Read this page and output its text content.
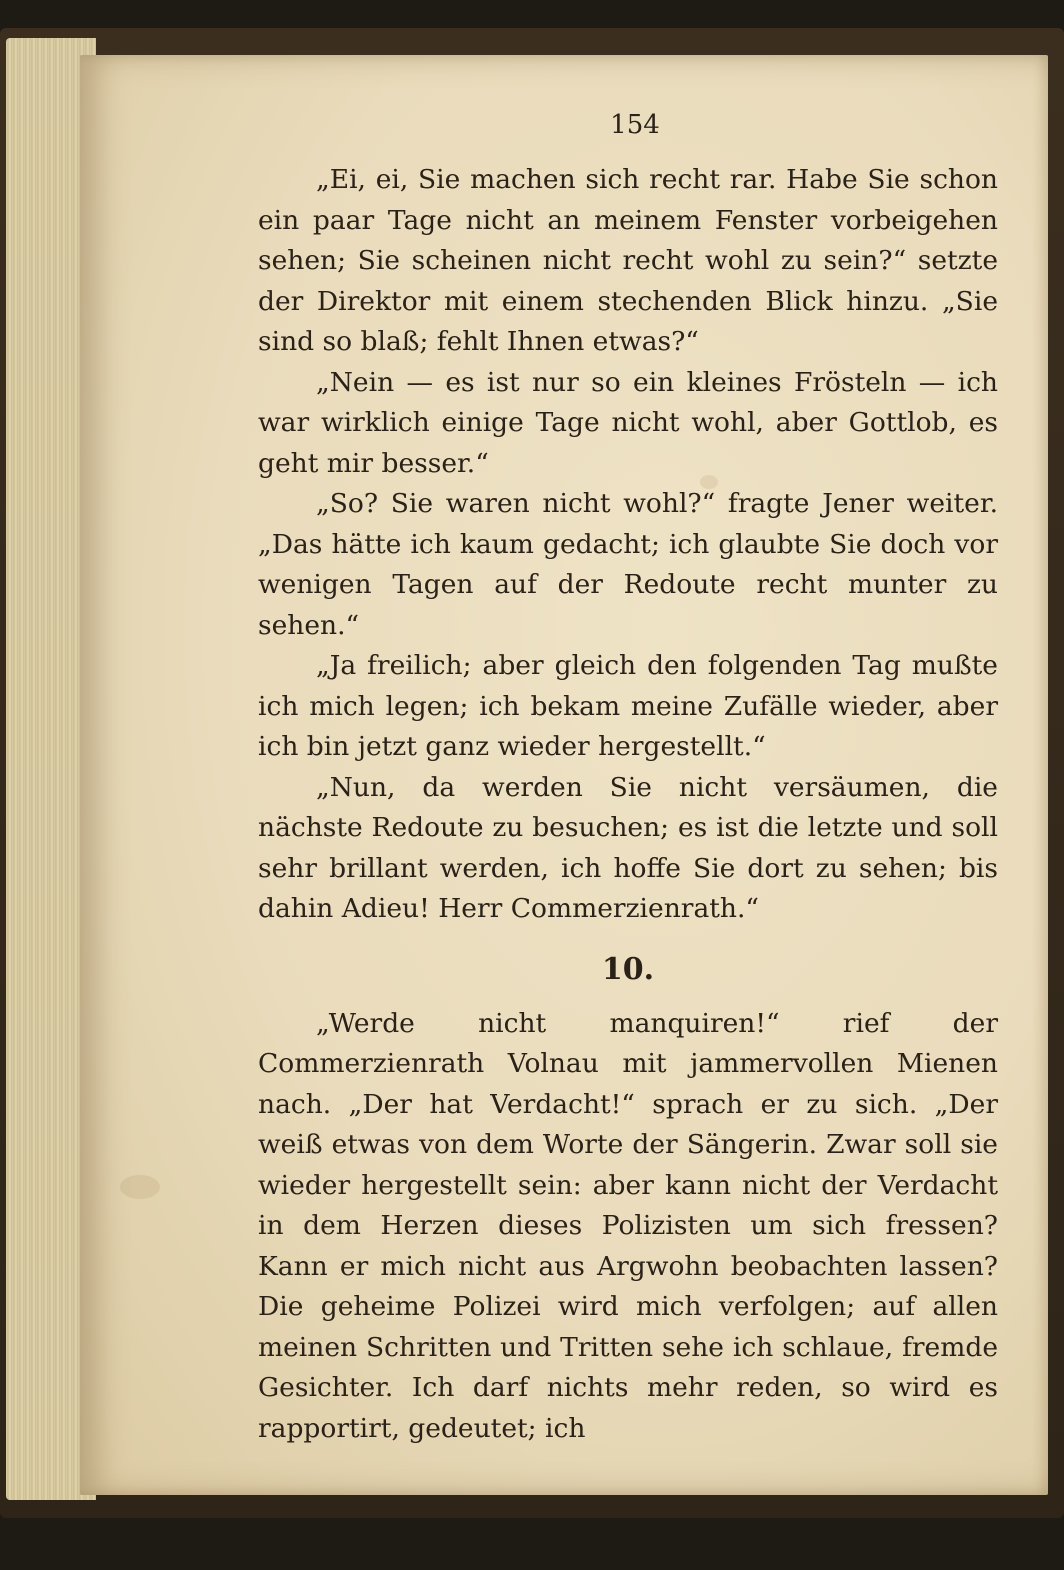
154

„Ei, ei, Sie machen sich recht rar. Habe Sie schon ein paar Tage nicht an meinem Fenster vorbeigehen sehen; Sie scheinen nicht recht wohl zu sein?“ setzte der Direktor mit einem stechenden Blick hinzu. „Sie sind so blaß; fehlt Ihnen etwas?“

„Nein — es ist nur so ein kleines Frösteln — ich war wirklich einige Tage nicht wohl, aber Gottlob, es geht mir besser.“

„So? Sie waren nicht wohl?“ fragte Jener weiter. „Das hätte ich kaum gedacht; ich glaubte Sie doch vor wenigen Tagen auf der Redoute recht munter zu sehen.“

„Ja freilich; aber gleich den folgenden Tag mußte ich mich legen; ich bekam meine Zufälle wieder, aber ich bin jetzt ganz wieder hergestellt.“

„Nun, da werden Sie nicht versäumen, die nächste Redoute zu besuchen; es ist die letzte und soll sehr brillant werden, ich hoffe Sie dort zu sehen; bis dahin Adieu! Herr Commerzienrath.“

10.

„Werde nicht manquiren!“ rief der Commerzienrath Volnau mit jammervollen Mienen nach. „Der hat Verdacht!“ sprach er zu sich. „Der weiß etwas von dem Worte der Sängerin. Zwar soll sie wieder hergestellt sein: aber kann nicht der Verdacht in dem Herzen dieses Polizisten um sich fressen? Kann er mich nicht aus Argwohn beobachten lassen? Die geheime Polizei wird mich verfolgen; auf allen meinen Schritten und Tritten sehe ich schlaue, fremde Gesichter. Ich darf nichts mehr reden, so wird es rapportirt, gedeutet; ich
